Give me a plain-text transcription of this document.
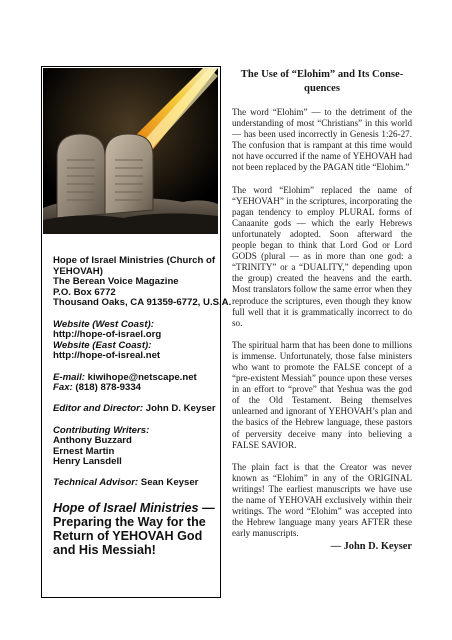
Hope of Israel Ministries (Church of
YEHOVAH)
The Berean Voice Magazine
P.O. Box 6772
Thousand Oaks, CA 91359-6772, U.S.A.
Website (West Coast):
http://hope-of-israel.org
Website (East Coast):
http://hope-of-isreal.net
E-mail: kiwihope@netscape.net
Fax: (818) 878-9334
Editor and Director: John D. Keyser
Contributing Writers:
Anthony Buzzard
Ernest Martin
Henry Lansdell
Technical Advisor: Sean Keyser
Hope of Israel Ministries —
Preparing the Way for the
Return of YEHOVAH God
and His Messiah!
The Use of “Elohim” and Its Conse-
quences

The word “Elohim” — to the detriment of the understanding of most “Christians” in this world — has been used incorrectly in Genesis 1:26-27. The confusion that is rampant at this time would not have occurred if the name of YEHOVAH had not been replaced by the PAGAN title “Elohim.”

The word “Elohim” replaced the name of “YEHOVAH” in the scriptures, incorporating the pagan tendency to employ PLURAL forms of Canaanite gods — which the early Hebrews unfortunately adopted. Soon afterward the people began to think that Lord God or Lord GODS (plural — as in more than one god: a “TRINITY” or a “DUALITY,” depending upon the group) created the heavens and the earth. Most translators follow the same error when they reproduce the scriptures, even though they know full well that it is grammatically incorrect to do so.

The spiritual harm that has been done to millions is immense. Unfortunately, those false ministers who want to promote the FALSE concept of a “pre-existent Messiah” pounce upon these verses in an effort to “prove” that Yeshua was the god of the Old Testament. Being themselves unlearned and ignorant of YEHOVAH’s plan and the basics of the Hebrew language, these pastors of perversity deceive many into believing a FALSE SAVIOR.

The plain fact is that the Creator was never known as “Elohim” in any of the ORIGINAL writings! The earliest manuscripts we have use the name of YEHOVAH exclusively within their writings. The word “Elohim” was accepted into the Hebrew language many years AFTER these early manuscripts.

— John D. Keyser
